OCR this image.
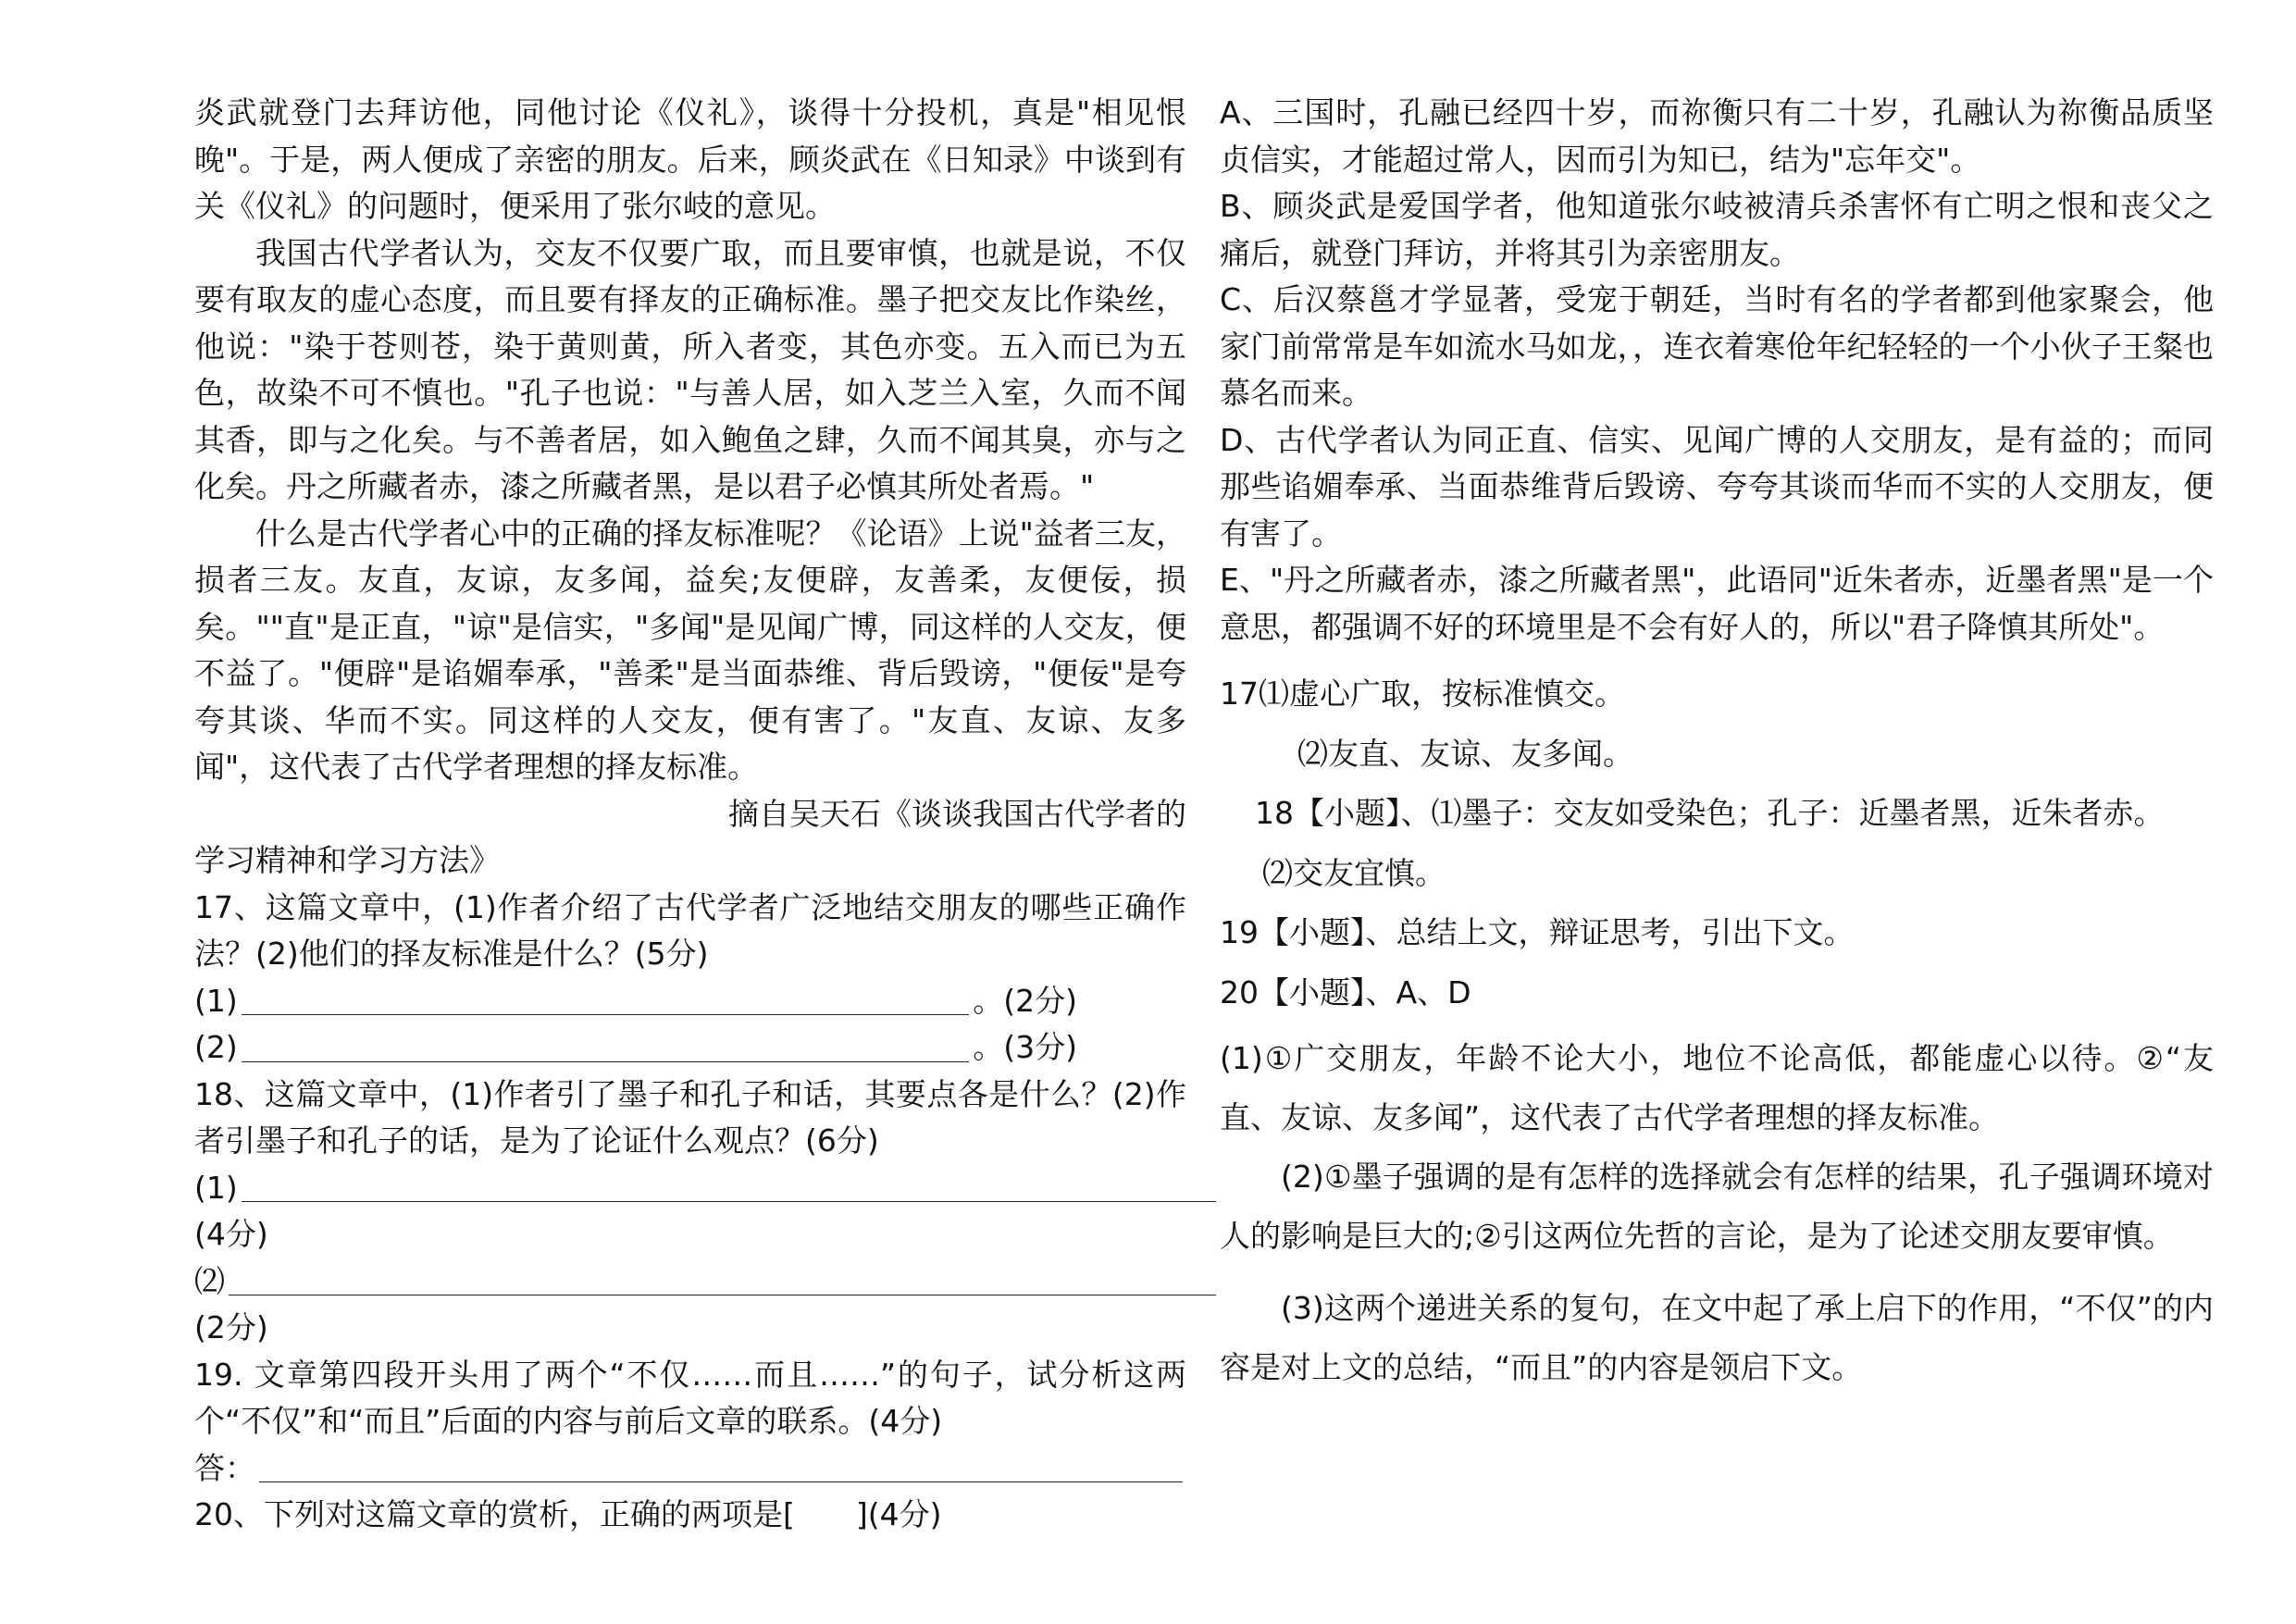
炎武就登门去拜访他，同他讨论《仪礼》，谈得十分投机，真是"相见恨晚"。于是，两人便成了亲密的朋友。后来，顾炎武在《日知录》中谈到有关《仪礼》的问题时，便采用了张尔岐的意见。

我国古代学者认为，交友不仅要广取，而且要审慎，也就是说，不仅要有取友的虚心态度，而且要有择友的正确标准。墨子把交友比作染丝，他说："染于苍则苍，染于黄则黄，所入者变，其色亦变。五入而已为五色，故染不可不慎也。"孔子也说："与善人居，如入芝兰入室，久而不闻其香，即与之化矣。与不善者居，如入鲍鱼之肆，久而不闻其臭，亦与之化矣。丹之所藏者赤，漆之所藏者黑，是以君子必慎其所处者焉。"

什么是古代学者心中的正确的择友标准呢？《论语》上说"益者三友，损者三友。友直，友谅，友多闻，益矣;友便辟，友善柔，友便佞，损矣。""直"是正直，"谅"是信实，"多闻"是见闻广博，同这样的人交友，便不益了。"便辟"是谄媚奉承，"善柔"是当面恭维、背后毁谤，"便佞"是夸夸其谈、华而不实。同这样的人交友，便有害了。"友直、友谅、友多闻"，这代表了古代学者理想的择友标准。

摘自吴天石《谈谈我国古代学者的

学习精神和学习方法》

17、这篇文章中，(1)作者介绍了古代学者广泛地结交朋友的哪些正确作法？(2)他们的择友标准是什么？(5分)

(1)	。(2分)
(2)	。(3分)

18、这篇文章中，(1)作者引了墨子和孔子和话，其要点各是什么？(2)作者引墨子和孔子的话，是为了论证什么观点？(6分)

(1)

(4分)

⑵

(2分)

19. 文章第四段开头用了两个“不仅……而且……”的句子，试分析这两个“不仅”和“而且”后面的内容与前后文章的联系。(4分)

答：

20、下列对这篇文章的赏析，正确的两项是[　　](4分)

A、三国时，孔融已经四十岁，而祢衡只有二十岁，孔融认为祢衡品质坚贞信实，才能超过常人，因而引为知已，结为"忘年交"。

B、顾炎武是爱国学者，他知道张尔岐被清兵杀害怀有亡明之恨和丧父之痛后，就登门拜访，并将其引为亲密朋友。

C、后汉蔡邕才学显著，受宠于朝廷，当时有名的学者都到他家聚会，他家门前常常是车如流水马如龙，，连衣着寒伧年纪轻轻的一个小伙子王粲也慕名而来。

D、古代学者认为同正直、信实、见闻广博的人交朋友，是有益的；而同那些谄媚奉承、当面恭维背后毁谤、夸夸其谈而华而不实的人交朋友，便有害了。

E、"丹之所藏者赤，漆之所藏者黑"，此语同"近朱者赤，近墨者黑"是一个意思，都强调不好的环境里是不会有好人的，所以"君子降慎其所处"。

17⑴虚心广取，按标准慎交。

⑵友直、友谅、友多闻。

18【小题】、⑴墨子：交友如受染色；孔子：近墨者黑，近朱者赤。

⑵交友宜慎。

19【小题】、总结上文，辩证思考，引出下文。

20【小题】、A、D

(1)①广交朋友，年龄不论大小，地位不论高低，都能虚心以待。②“友直、友谅、友多闻”，这代表了古代学者理想的择友标准。

(2)①墨子强调的是有怎样的选择就会有怎样的结果，孔子强调环境对人的影响是巨大的;②引这两位先哲的言论，是为了论述交朋友要审慎。

(3)这两个递进关系的复句，在文中起了承上启下的作用，“不仅”的内容是对上文的总结，“而且”的内容是领启下文。
